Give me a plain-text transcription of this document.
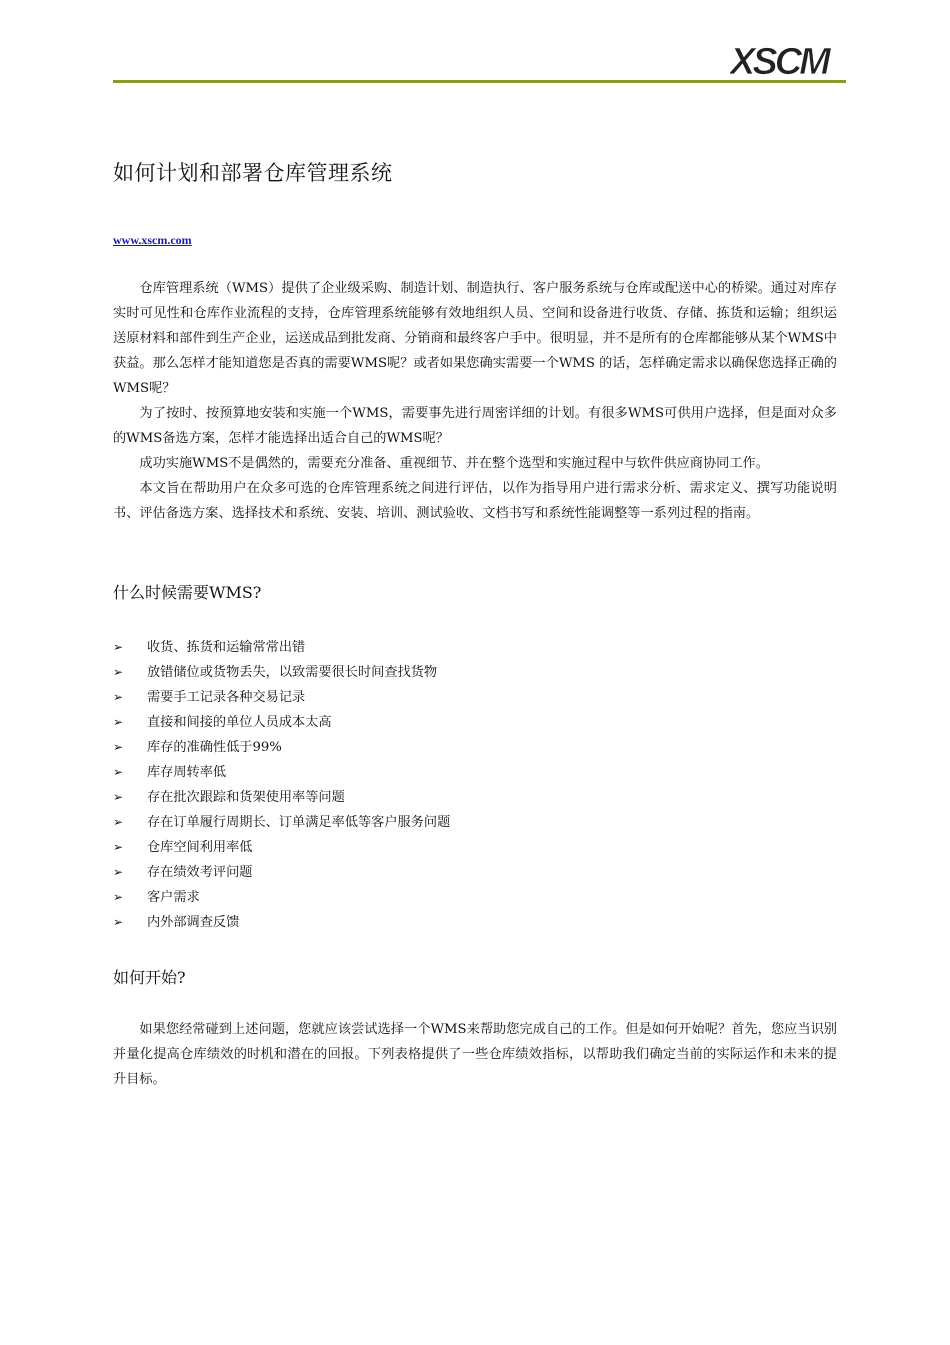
XSCM
如何计划和部署仓库管理系统
www.xscm.com

仓库管理系统（WMS）提供了企业级采购、制造计划、制造执行、客户服务系统与仓库或配送中心的桥梁。通过对库存实时可见性和仓库作业流程的支持，仓库管理系统能够有效地组织人员、空间和设备进行收货、存储、拣货和运输；组织运送原材料和部件到生产企业，运送成品到批发商、分销商和最终客户手中。很明显，并不是所有的仓库都能够从某个WMS中获益。那么怎样才能知道您是否真的需要WMS呢？或者如果您确实需要一个WMS 的话，怎样确定需求以确保您选择正确的WMS呢？

为了按时、按预算地安装和实施一个WMS，需要事先进行周密详细的计划。有很多WMS可供用户选择，但是面对众多的WMS备选方案，怎样才能选择出适合自己的WMS呢？

成功实施WMS不是偶然的，需要充分准备、重视细节、并在整个选型和实施过程中与软件供应商协同工作。

本文旨在帮助用户在众多可选的仓库管理系统之间进行评估，以作为指导用户进行需求分析、需求定义、撰写功能说明书、评估备选方案、选择技术和系统、安装、培训、测试验收、文档书写和系统性能调整等一系列过程的指南。

什么时候需要WMS?
➢	收货、拣货和运输常常出错
➢	放错储位或货物丢失，以致需要很长时间查找货物
➢	需要手工记录各种交易记录
➢	直接和间接的单位人员成本太高
➢	库存的准确性低于99%
➢	库存周转率低
➢	存在批次跟踪和货架使用率等问题
➢	存在订单履行周期长、订单满足率低等客户服务问题
➢	仓库空间利用率低
➢	存在绩效考评问题
➢	客户需求
➢	内外部调查反馈
如何开始?

如果您经常碰到上述问题，您就应该尝试选择一个WMS来帮助您完成自己的工作。但是如何开始呢？首先，您应当识别并量化提高仓库绩效的时机和潜在的回报。下列表格提供了一些仓库绩效指标，以帮助我们确定当前的实际运作和未来的提升目标。
